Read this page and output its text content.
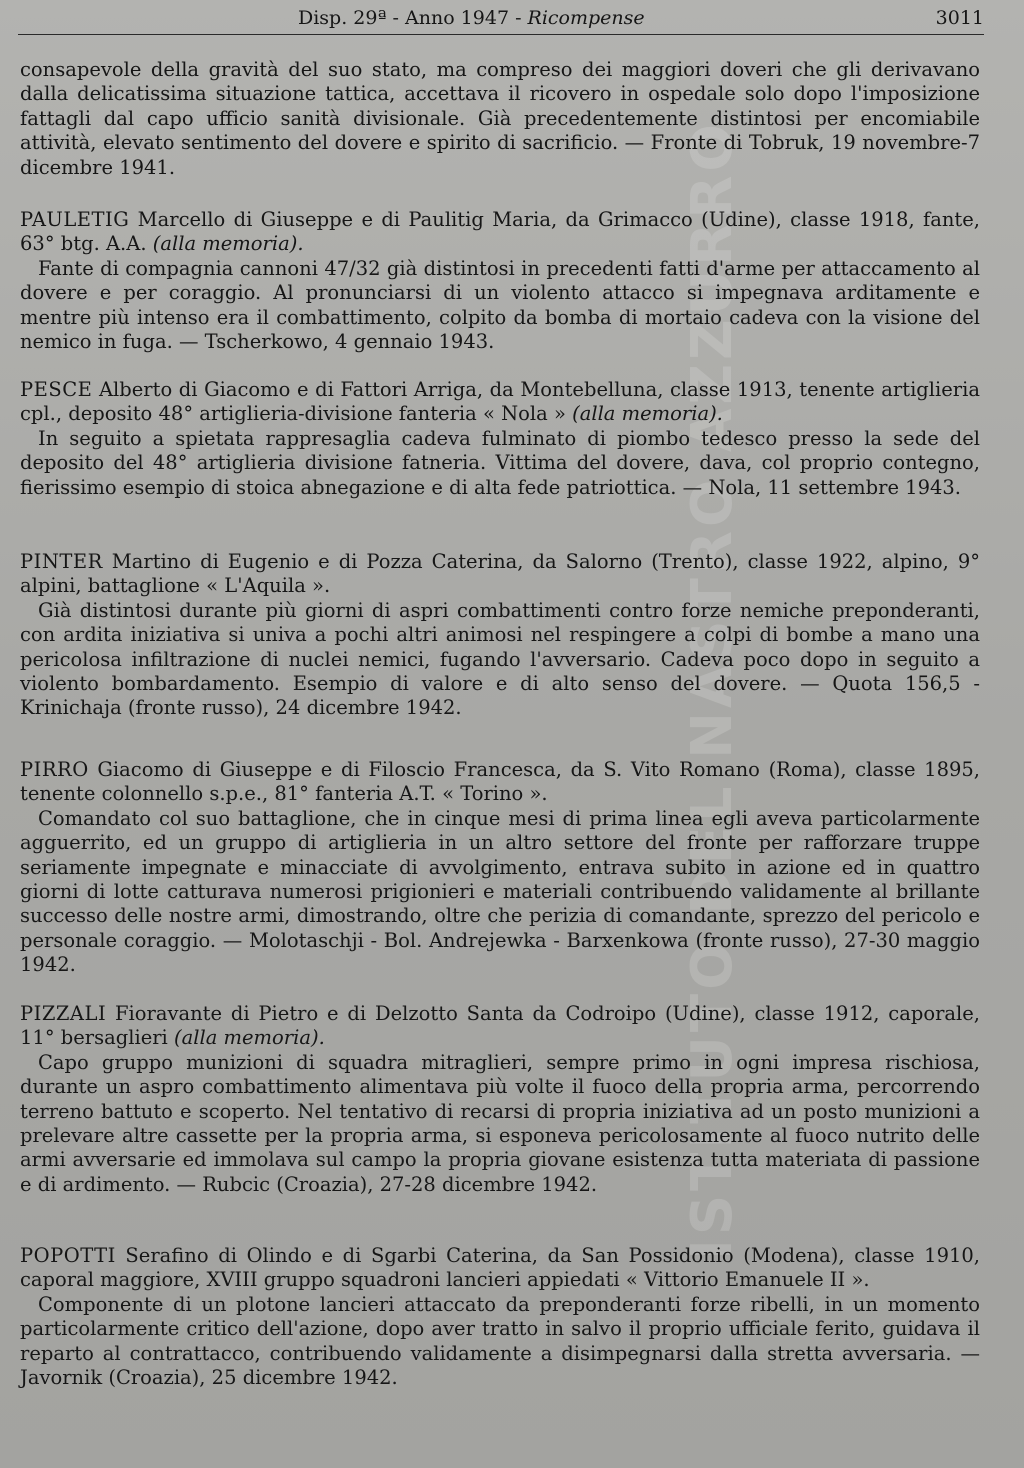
Disp. 29ª - Anno 1947 - Ricompense	3011
ISTITUTO DEL NASTRO AZZURRO

consapevole della gravità del suo stato, ma compreso dei maggiori doveri che gli derivavano dalla delicatissima situazione tattica, accettava il ricovero in ospedale solo dopo l'imposizione fattagli dal capo ufficio sanità divisionale. Già precedentemente distintosi per encomiabile attività, elevato sentimento del dovere e spirito di sacrificio. — Fronte di Tobruk, 19 novembre-7 dicembre 1941.

PAULETIG Marcello di Giuseppe e di Paulitig Maria, da Grimacco (Udine), classe 1918, fante, 63° btg. A.A. (alla memoria).

Fante di compagnia cannoni 47/32 già distintosi in precedenti fatti d'arme per attaccamento al dovere e per coraggio. Al pronunciarsi di un violento attacco si impegnava arditamente e mentre più intenso era il combattimento, colpito da bomba di mortaio cadeva con la visione del nemico in fuga. — Tscherkowo, 4 gennaio 1943.

PESCE Alberto di Giacomo e di Fattori Arriga, da Montebelluna, classe 1913, tenente artiglieria cpl., deposito 48° artiglieria-divisione fanteria « Nola » (alla memoria).

In seguito a spietata rappresaglia cadeva fulminato di piombo tedesco presso la sede del deposito del 48° artiglieria divisione fatneria. Vittima del dovere, dava, col proprio contegno, fierissimo esempio di stoica abnegazione e di alta fede patriottica. — Nola, 11 settembre 1943.

PINTER Martino di Eugenio e di Pozza Caterina, da Salorno (Trento), classe 1922, alpino, 9° alpini, battaglione « L'Aquila ».

Già distintosi durante più giorni di aspri combattimenti contro forze nemiche preponderanti, con ardita iniziativa si univa a pochi altri animosi nel respingere a colpi di bombe a mano una pericolosa infiltrazione di nuclei nemici, fugando l'avversario. Cadeva poco dopo in seguito a violento bombardamento. Esempio di valore e di alto senso del dovere. — Quota 156,5 - Krinichaja (fronte russo), 24 dicembre 1942.

PIRRO Giacomo di Giuseppe e di Filoscio Francesca, da S. Vito Romano (Roma), classe 1895, tenente colonnello s.p.e., 81° fanteria A.T. « Torino ».

Comandato col suo battaglione, che in cinque mesi di prima linea egli aveva particolarmente agguerrito, ed un gruppo di artiglieria in un altro settore del fronte per rafforzare truppe seriamente impegnate e minacciate di avvolgimento, entrava subito in azione ed in quattro giorni di lotte catturava numerosi prigionieri e materiali contribuendo validamente al brillante successo delle nostre armi, dimostrando, oltre che perizia di comandante, sprezzo del pericolo e personale coraggio. — Molotaschji - Bol. Andrejewka - Barxenkowa (fronte russo), 27-30 maggio 1942.

PIZZALI Fioravante di Pietro e di Delzotto Santa da Codroipo (Udine), classe 1912, caporale, 11° bersaglieri (alla memoria).

Capo gruppo munizioni di squadra mitraglieri, sempre primo in ogni impresa rischiosa, durante un aspro combattimento alimentava più volte il fuoco della propria arma, percorrendo terreno battuto e scoperto. Nel tentativo di recarsi di propria iniziativa ad un posto munizioni a prelevare altre cassette per la propria arma, si esponeva pericolosamente al fuoco nutrito delle armi avversarie ed immolava sul campo la propria giovane esistenza tutta materiata di passione e di ardimento. — Rubcic (Croazia), 27-28 dicembre 1942.

POPOTTI Serafino di Olindo e di Sgarbi Caterina, da San Possidonio (Modena), classe 1910, caporal maggiore, XVIII gruppo squadroni lancieri appiedati « Vittorio Emanuele II ».

Componente di un plotone lancieri attaccato da preponderanti forze ribelli, in un momento particolarmente critico dell'azione, dopo aver tratto in salvo il proprio ufficiale ferito, guidava il reparto al contrattacco, contribuendo validamente a disimpegnarsi dalla stretta avversaria. — Javornik (Croazia), 25 dicembre 1942.
